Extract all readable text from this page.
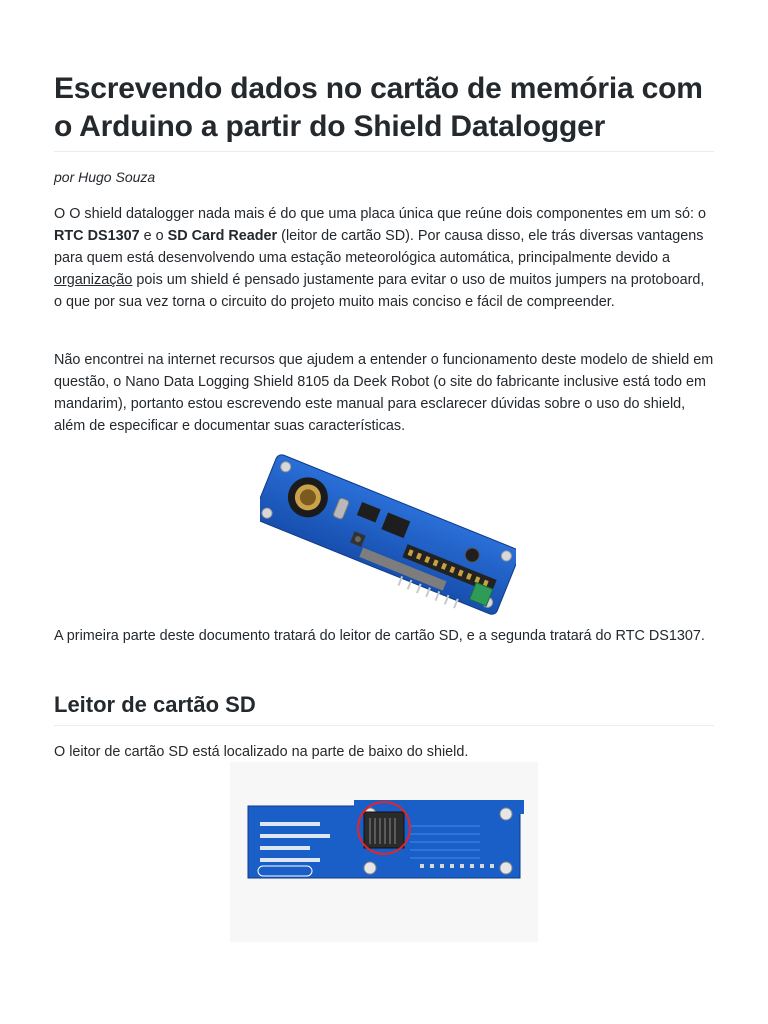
Escrevendo dados no cartão de memória com o Arduino a partir do Shield Datalogger
por Hugo Souza

O O shield datalogger nada mais é do que uma placa única que reúne dois componentes em um só: o RTC DS1307 e o SD Card Reader (leitor de cartão SD). Por causa disso, ele trás diversas vantagens para quem está desenvolvendo uma estação meteorológica automática, principalmente devido a organização pois um shield é pensado justamente para evitar o uso de muitos jumpers na protoboard, o que por sua vez torna o circuito do projeto muito mais conciso e fácil de compreender.

Não encontrei na internet recursos que ajudem a entender o funcionamento deste modelo de shield em questão, o Nano Data Logging Shield 8105 da Deek Robot (o site do fabricante inclusive está todo em mandarim), portanto estou escrevendo este manual para esclarecer dúvidas sobre o uso do shield, além de especificar e documentar suas características.

A primeira parte deste documento tratará do leitor de cartão SD, e a segunda tratará do RTC DS1307.

Leitor de cartão SD

O leitor de cartão SD está localizado na parte de baixo do shield.
